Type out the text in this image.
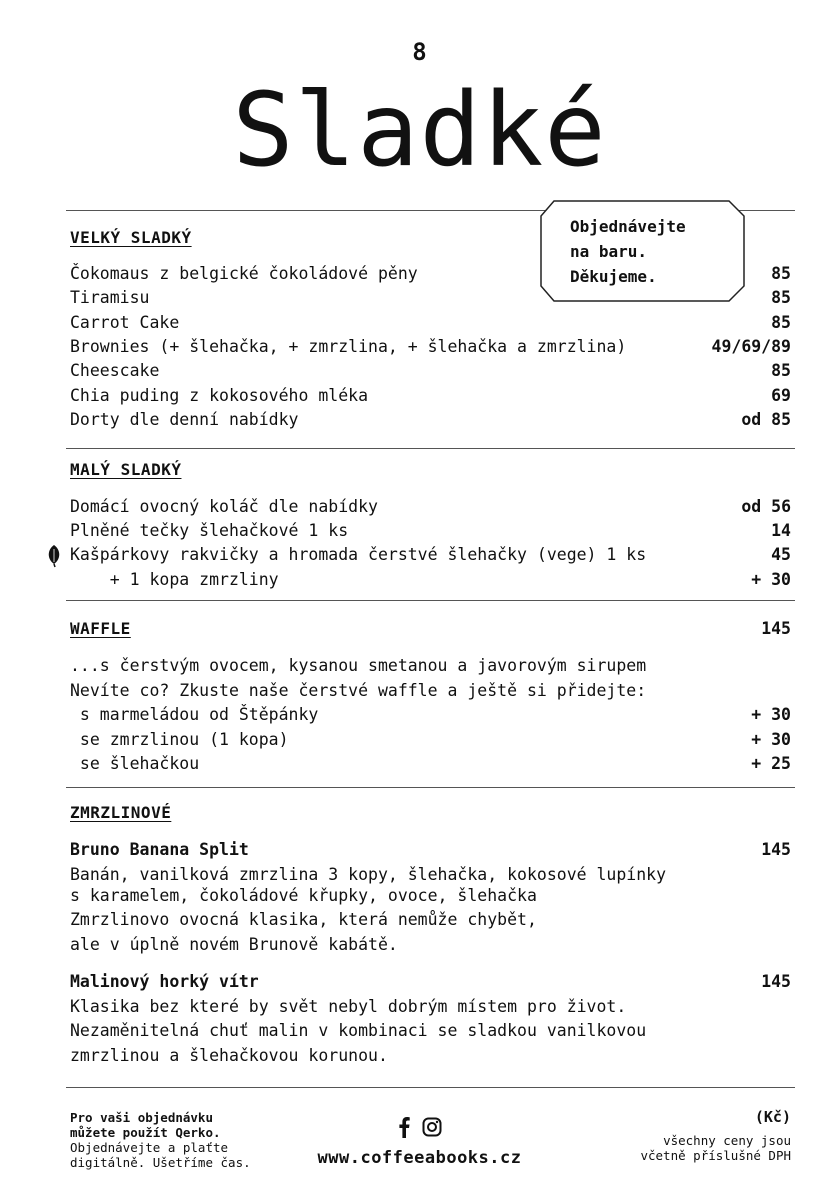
8
Sladké
Objednávejte
na baru.
Děkujeme.
VELKÝ SLADKÝ
Čokomaus z belgické čokoládové pěny	85
Tiramisu	85
Carrot Cake	85
Brownies (+ šlehačka, + zmrzlina, + šlehačka a zmrzlina)	49/69/89
Cheescake	85
Chia puding z kokosového mléka	69
Dorty dle denní nabídky	od 85
MALÝ SLADKÝ
Domácí ovocný koláč dle nabídky	od 56
Plněné tečky šlehačkové 1 ks	14
Kašpárkovy rakvičky a hromada čerstvé šlehačky (vege) 1 ks	45
+ 1 kopa zmrzliny	+ 30
WAFFLE	145
...s čerstvým ovocem, kysanou smetanou a javorovým sirupem
Nevíte co? Zkuste naše čerstvé waffle a ještě si přidejte:
s marmeládou od Štěpánky	+ 30
se zmrzlinou (1 kopa)	+ 30
se šlehačkou	+ 25
ZMRZLINOVÉ
Bruno Banana Split	145
Banán, vanilková zmrzlina 3 kopy, šlehačka, kokosové lupínky
s karamelem, čokoládové křupky, ovoce, šlehačka
Zmrzlinovo ovocná klasika, která nemůže chybět,
ale v úplně novém Brunově kabátě.
Malinový horký vítr	145
Klasika bez které by svět nebyl dobrým místem pro život.
Nezaměnitelná chuť malin v kombinaci se sladkou vanilkovou
zmrzlinou a šlehačkovou korunou.
Pro vaši objednávku
můžete použít Qerko.
Objednávejte a plaťte
digitálně. Ušetříme čas.	www.coffeeabooks.cz
(Kč)
všechny ceny jsou
včetně příslušné DPH
